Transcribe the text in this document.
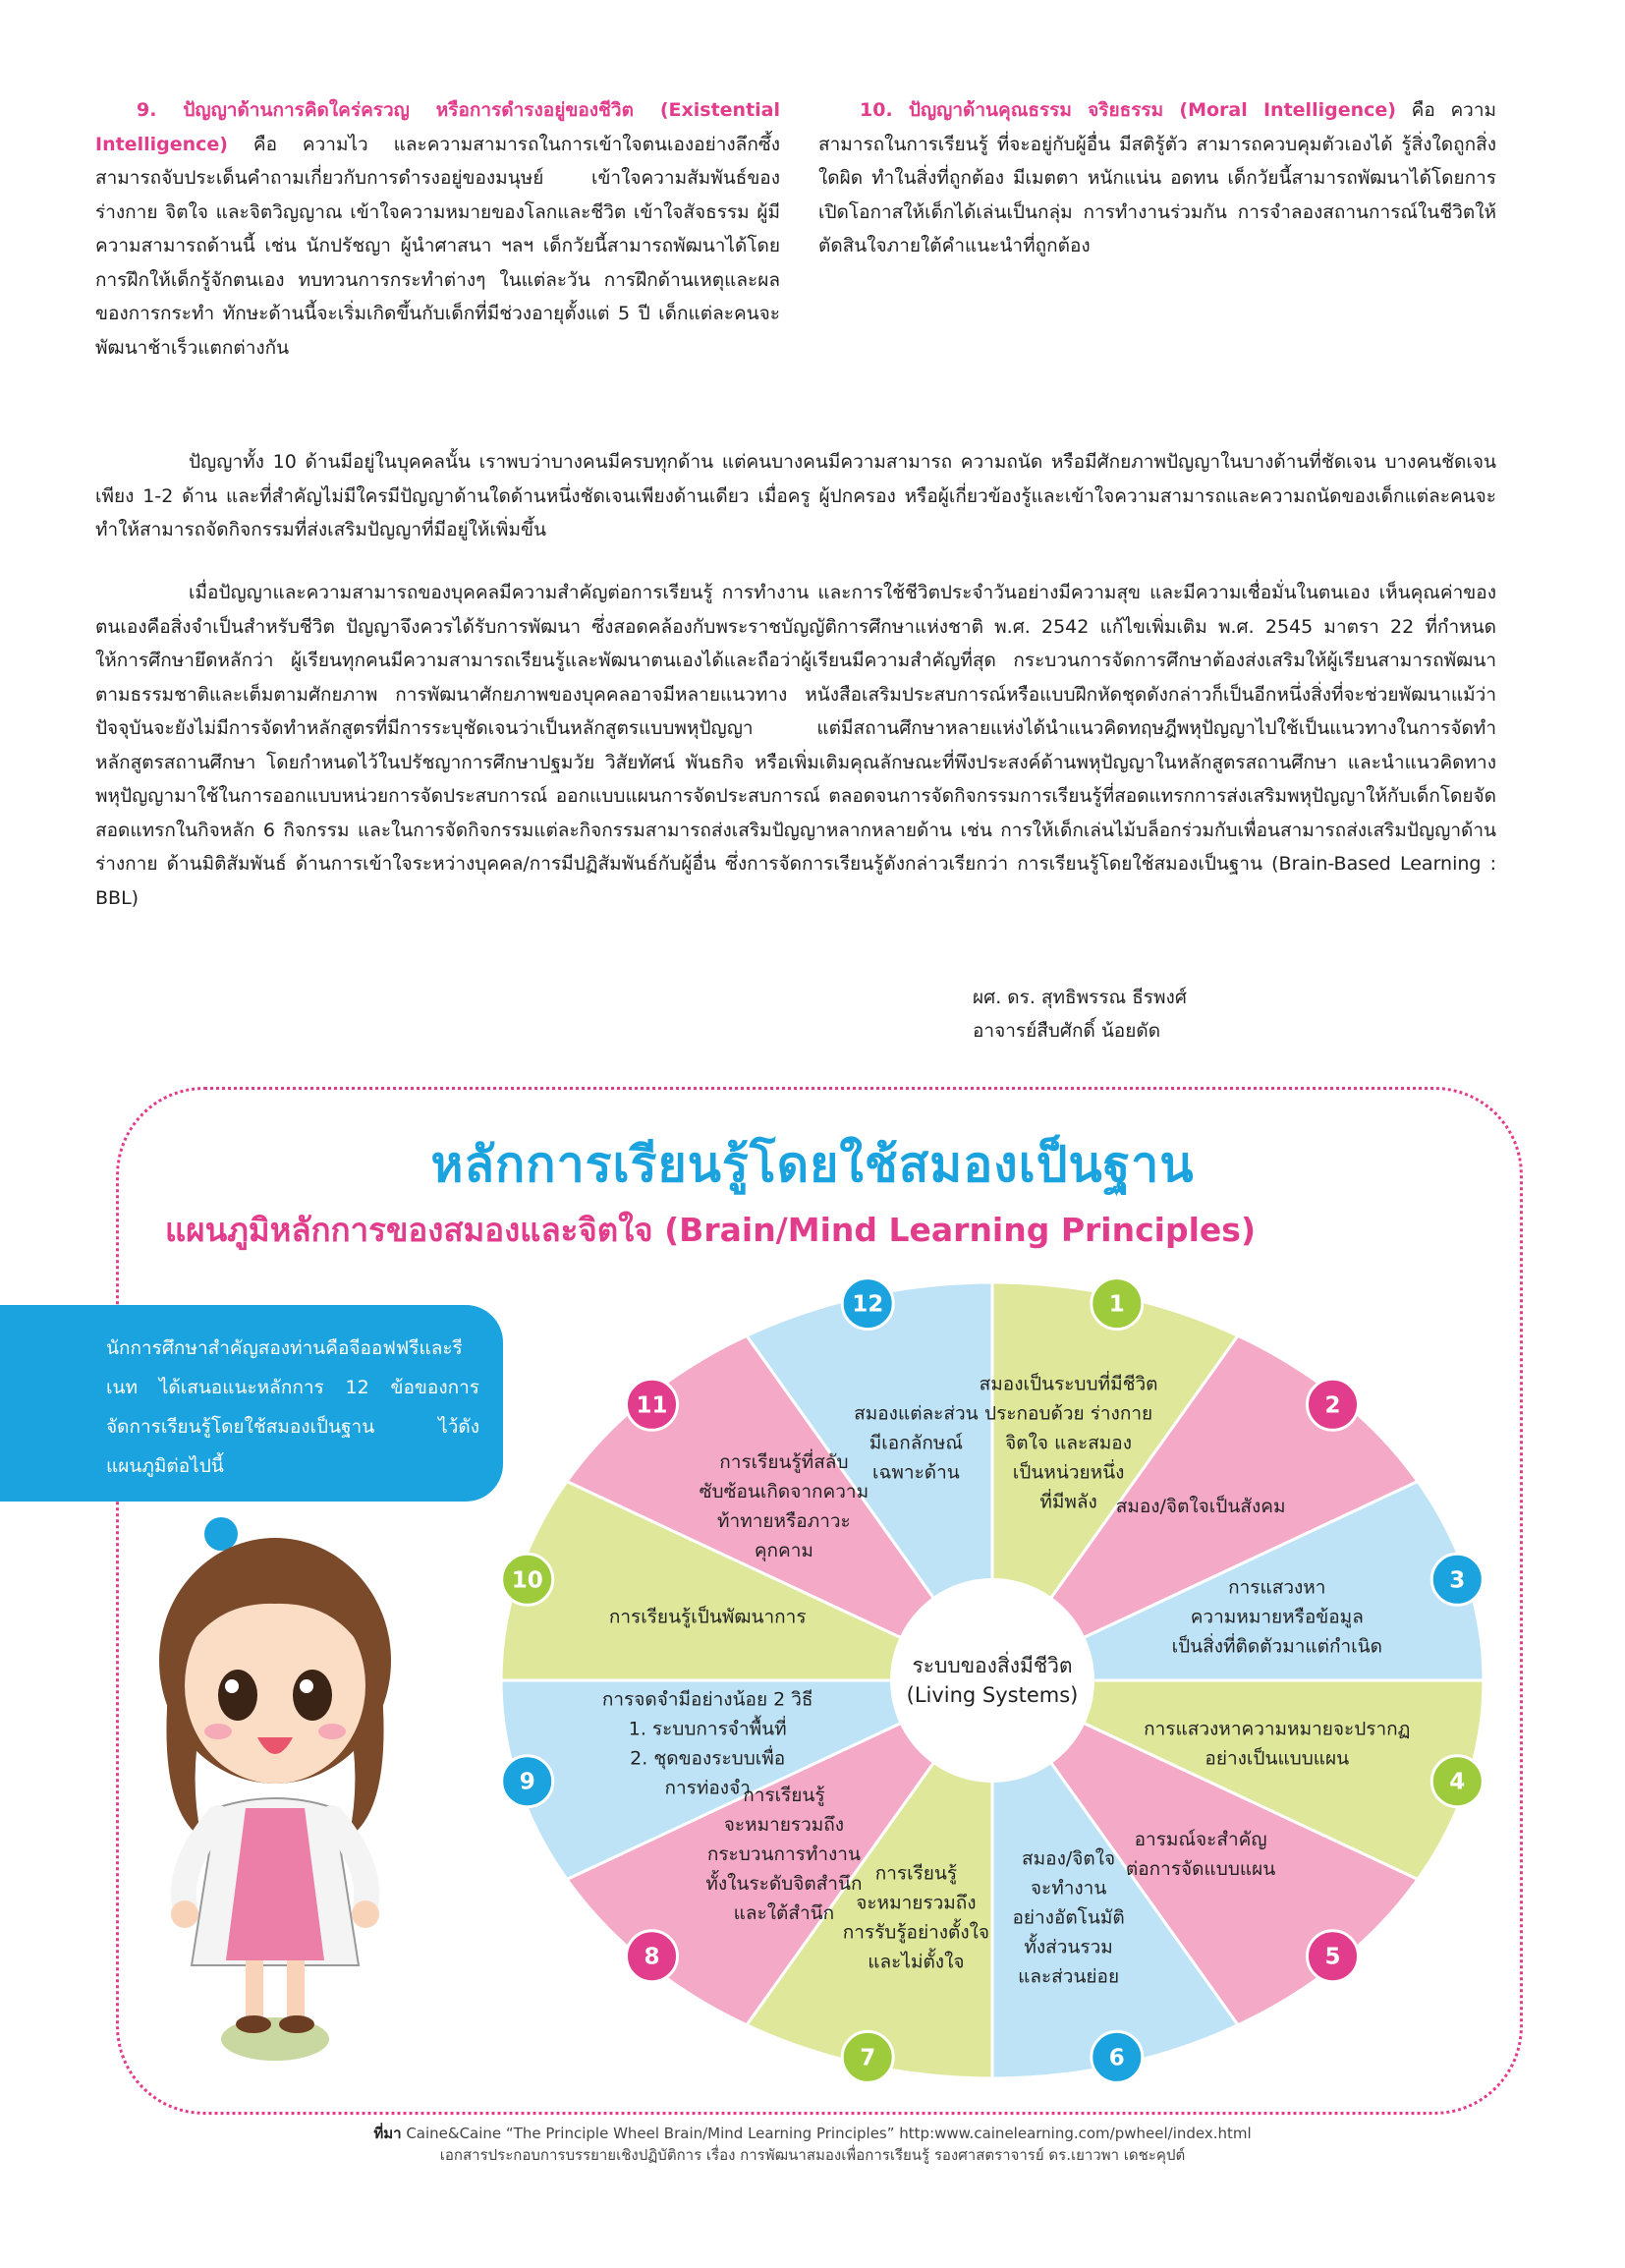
9. ปัญญาด้านการคิดใคร่ครวญ หรือการดำรงอยู่ของชีวิต (Existential Intelligence) คือ ความไว และความสามารถในการเข้าใจตนเองอย่างลึกซึ้ง สามารถจับประเด็นคำถามเกี่ยวกับการดำรงอยู่ของมนุษย์ เข้าใจความสัมพันธ์ของร่างกาย จิตใจ และจิตวิญญาณ เข้าใจความหมายของโลกและชีวิต เข้าใจสัจธรรม ผู้มีความสามารถด้านนี้ เช่น นักปรัชญา ผู้นำศาสนา ฯลฯ เด็กวัยนี้สามารถพัฒนาได้โดยการฝึกให้เด็กรู้จักตนเอง ทบทวนการกระทำต่างๆ ในแต่ละวัน การฝึกด้านเหตุและผลของการกระทำ ทักษะด้านนี้จะเริ่มเกิดขึ้นกับเด็กที่มีช่วงอายุตั้งแต่ 5 ปี เด็กแต่ละคนจะพัฒนาช้าเร็วแตกต่างกัน
10. ปัญญาด้านคุณธรรม จริยธรรม (Moral Intelligence) คือ ความสามารถในการเรียนรู้ ที่จะอยู่กับผู้อื่น มีสติรู้ตัว สามารถควบคุมตัวเองได้ รู้สิ่งใดถูกสิ่งใดผิด ทำในสิ่งที่ถูกต้อง มีเมตตา หนักแน่น อดทน เด็กวัยนี้สามารถพัฒนาได้โดยการเปิดโอกาสให้เด็กได้เล่นเป็นกลุ่ม การทำงานร่วมกัน การจำลองสถานการณ์ในชีวิตให้ตัดสินใจภายใต้คำแนะนำที่ถูกต้อง
ปัญญาทั้ง 10 ด้านมีอยู่ในบุคคลนั้น เราพบว่าบางคนมีครบทุกด้าน แต่คนบางคนมีความสามารถ ความถนัด หรือมีศักยภาพปัญญาในบางด้านที่ชัดเจน บางคนชัดเจนเพียง 1-2 ด้าน และที่สำคัญไม่มีใครมีปัญญาด้านใดด้านหนึ่งชัดเจนเพียงด้านเดียว เมื่อครู ผู้ปกครอง หรือผู้เกี่ยวข้องรู้และเข้าใจความสามารถและความถนัดของเด็กแต่ละคนจะทำให้สามารถจัดกิจกรรมที่ส่งเสริมปัญญาที่มีอยู่ให้เพิ่มขึ้น
เมื่อปัญญาและความสามารถของบุคคลมีความสำคัญต่อการเรียนรู้ การทำงาน และการใช้ชีวิตประจำวันอย่างมีความสุข และมีความเชื่อมั่นในตนเอง เห็นคุณค่าของตนเองคือสิ่งจำเป็นสำหรับชีวิต ปัญญาจึงควรได้รับการพัฒนา ซึ่งสอดคล้องกับพระราชบัญญัติการศึกษาแห่งชาติ พ.ศ. 2542 แก้ไขเพิ่มเติม พ.ศ. 2545 มาตรา 22 ที่กำหนดให้การศึกษายึดหลักว่า ผู้เรียนทุกคนมีความสามารถเรียนรู้และพัฒนาตนเองได้และถือว่าผู้เรียนมีความสำคัญที่สุด กระบวนการจัดการศึกษาต้องส่งเสริมให้ผู้เรียนสามารถพัฒนาตามธรรมชาติและเต็มตามศักยภาพ การพัฒนาศักยภาพของบุคคลอาจมีหลายแนวทาง หนังสือเสริมประสบการณ์หรือแบบฝึกหัดชุดดังกล่าวก็เป็นอีกหนึ่งสิ่งที่จะช่วยพัฒนาแม้ว่าปัจจุบันจะยังไม่มีการจัดทำหลักสูตรที่มีการระบุชัดเจนว่าเป็นหลักสูตรแบบพหุปัญญา แต่มีสถานศึกษาหลายแห่งได้นำแนวคิดทฤษฎีพหุปัญญาไปใช้เป็นแนวทางในการจัดทำหลักสูตรสถานศึกษา โดยกำหนดไว้ในปรัชญาการศึกษาปฐมวัย วิสัยทัศน์ พันธกิจ หรือเพิ่มเติมคุณลักษณะที่พึงประสงค์ด้านพหุปัญญาในหลักสูตรสถานศึกษา และนำแนวคิดทางพหุปัญญามาใช้ในการออกแบบหน่วยการจัดประสบการณ์ ออกแบบแผนการจัดประสบการณ์ ตลอดจนการจัดกิจกรรมการเรียนรู้ที่สอดแทรกการส่งเสริมพหุปัญญาให้กับเด็กโดยจัดสอดแทรกในกิจหลัก 6 กิจกรรม และในการจัดกิจกรรมแต่ละกิจกรรมสามารถส่งเสริมปัญญาหลากหลายด้าน เช่น การให้เด็กเล่นไม้บล็อกร่วมกับเพื่อนสามารถส่งเสริมปัญญาด้านร่างกาย ด้านมิติสัมพันธ์ ด้านการเข้าใจระหว่างบุคคล/การมีปฏิสัมพันธ์กับผู้อื่น ซึ่งการจัดการเรียนรู้ดังกล่าวเรียกว่า การเรียนรู้โดยใช้สมองเป็นฐาน (Brain-Based Learning : BBL)
ผศ. ดร. สุทธิพรรณ ธีรพงศ์
อาจารย์สืบศักดิ์ น้อยดัด
หลักการเรียนรู้โดยใช้สมองเป็นฐาน
แผนภูมิหลักการของสมองและจิตใจ (Brain/Mind Learning Principles)
นักการศึกษาสำคัญสองท่านคือจีออฟฟรีและรีเนท ได้เสนอแนะหลักการ 12 ข้อของการจัดการเรียนรู้โดยใช้สมองเป็นฐาน ไว้ดังแผนภูมิต่อไปนี้
ระบบของสิ่งมีชีวิต
(Living Systems)
สมองเป็นระบบที่มีชีวิตประกอบด้วย ร่างกายจิตใจ และสมองเป็นหน่วยหนึ่งที่มีพลัง สมอง/จิตใจเป็นสังคม
การแสวงหาความหมายหรือข้อมูลเป็นสิ่งที่ติดตัวมาแต่กำเนิด
การแสวงหาความหมายจะปรากฏอย่างเป็นแบบแผน
อารมณ์จะสำคัญต่อการจัดแบบแผน
สมอง/จิตใจจะทำงานอย่างอัตโนมัติทั้งส่วนรวมและส่วนย่อย
การเรียนรู้จะหมายรวมถึงการรับรู้อย่างตั้งใจและไม่ตั้งใจ
การเรียนรู้จะหมายรวมถึงกระบวนการทำงานทั้งในระดับจิตสำนึกและใต้สำนึก
การจดจำมีอย่างน้อย 2 วิธี 1. ระบบการจำพื้นที่ 2. ชุดของระบบเพื่อการท่องจำ
การเรียนรู้เป็นพัฒนาการ
การเรียนรู้ที่สลับซับซ้อนเกิดจากความท้าทายหรือภาวะคุกคาม
สมองแต่ละส่วนมีเอกลักษณ์เฉพาะด้าน
1
2
3
4
5
6
7
8
9
10
11
12
ที่มา Caine&Caine “The Principle Wheel Brain/Mind Learning Principles” http:www.cainelearning.com/pwheel/index.html
เอกสารประกอบการบรรยายเชิงปฏิบัติการ เรื่อง การพัฒนาสมองเพื่อการเรียนรู้ รองศาสตราจารย์ ดร.เยาวพา เดชะคุปต์
